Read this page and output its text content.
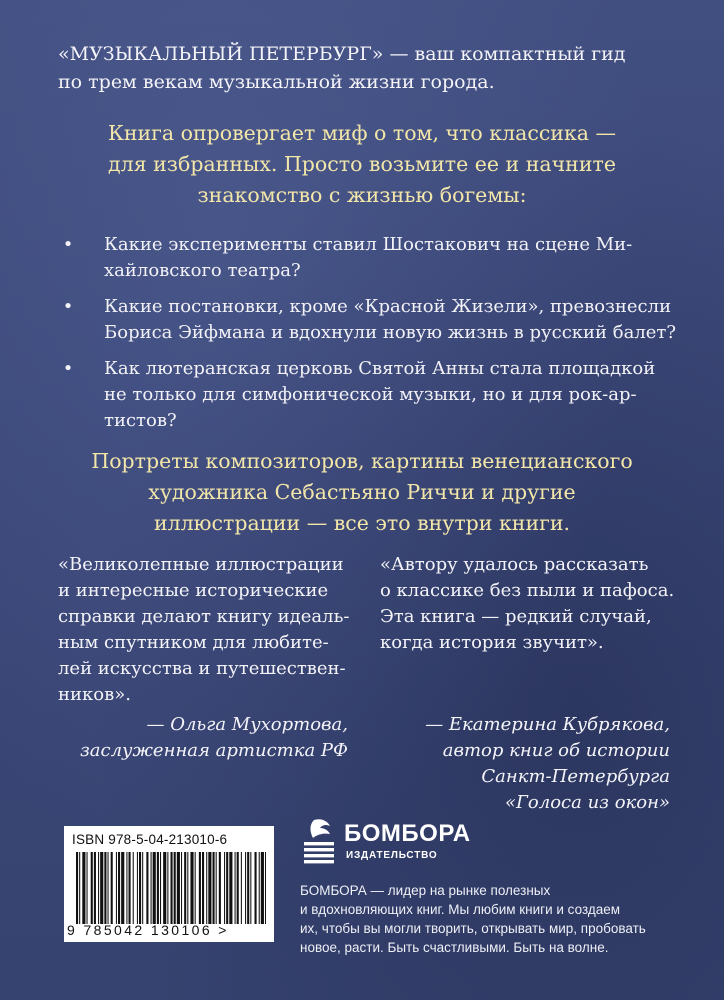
«МУЗЫКАЛЬНЫЙ ПЕТЕРБУРГ» — ваш компактный гид
по трем векам музыкальной жизни города.
Книга опровергает миф о том, что классика —
для избранных. Просто возьмите ее и начните
знакомство с жизнью богемы:
• Какие эксперименты ставил Шостакович на сцене Ми-
хайловского театра?
• Какие постановки, кроме «Красной Жизели», превознесли
Бориса Эйфмана и вдохнули новую жизнь в русский балет?
• Как лютеранская церковь Святой Анны стала площадкой
не только для симфонической музыки, но и для рок-ар-
тистов?
Портреты композиторов, картины венецианского
художника Себастьяно Риччи и другие
иллюстрации — все это внутри книги.
«Великолепные иллюстрации
и интересные исторические
справки делают книгу идеаль-
ным спутником для любите-
лей искусства и путешествен-
ников».
— Ольга Мухортова,
заслуженная артистка РФ
«Автору удалось рассказать
о классике без пыли и пафоса.
Эта книга — редкий случай,
когда история звучит».
— Екатерина Кубрякова,
автор книг об истории
Санкт-Петербурга
«Голоса из окон»
ISBN 978-5-04-213010-6
9 785042 130106 >
БОМБОРА
ИЗДАТЕЛЬСТВО
БОМБОРА — лидер на рынке полезных
и вдохновляющих книг. Мы любим книги и создаем
их, чтобы вы могли творить, открывать мир, пробовать
новое, расти. Быть счастливыми. Быть на волне.
